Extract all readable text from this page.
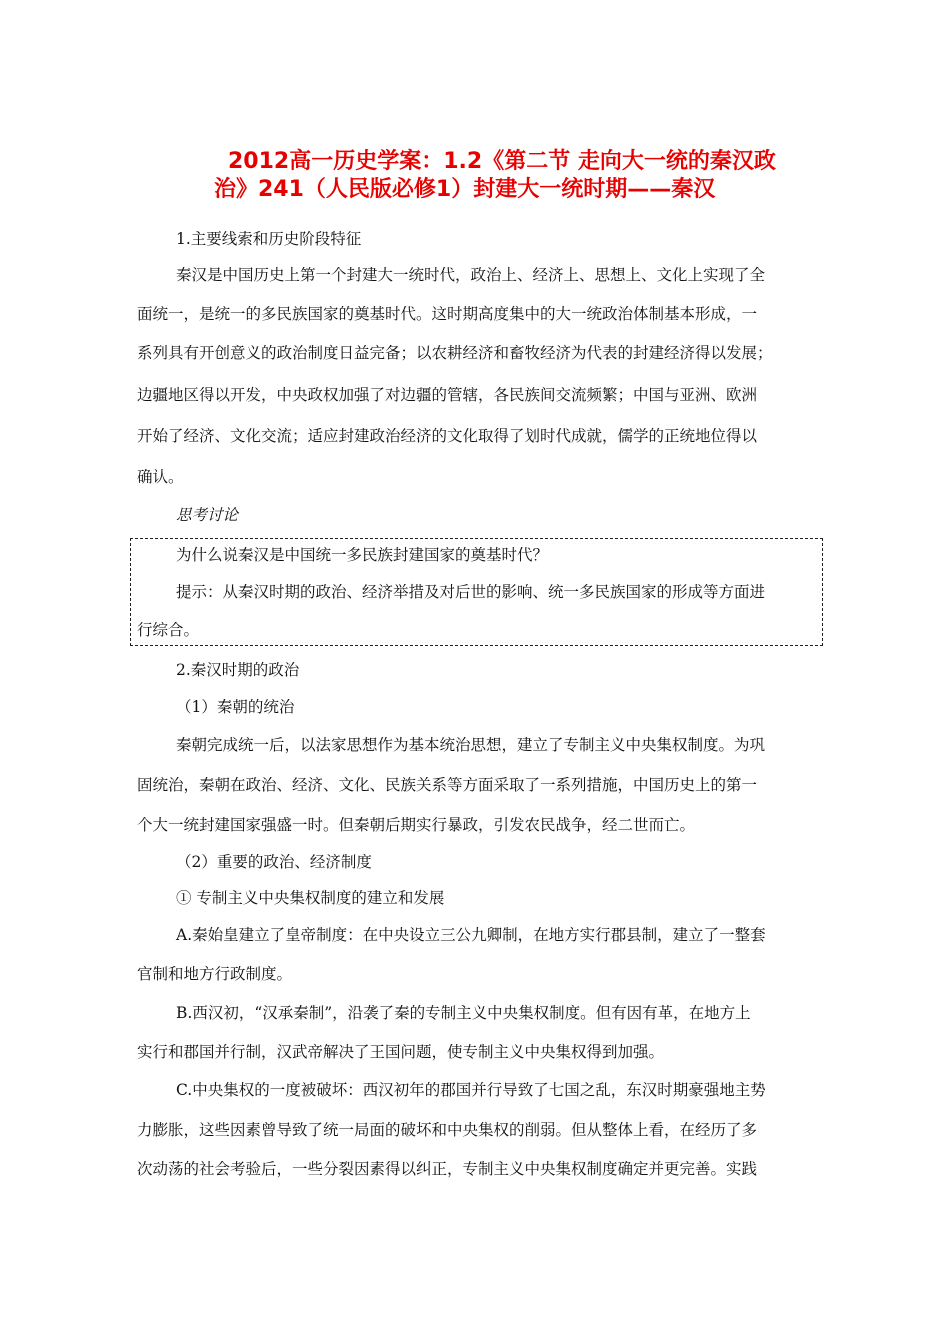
2012高一历史学案：1.2《第二节 走向大一统的秦汉政
治》241（人民版必修1）封建大一统时期——秦汉

1.主要线索和历史阶段特征

秦汉是中国历史上第一个封建大一统时代，政治上、经济上、思想上、文化上实现了全

面统一，是统一的多民族国家的奠基时代。这时期高度集中的大一统政治体制基本形成，一

系列具有开创意义的政治制度日益完备；以农耕经济和畜牧经济为代表的封建经济得以发展；

边疆地区得以开发，中央政权加强了对边疆的管辖，各民族间交流频繁；中国与亚洲、欧洲

开始了经济、文化交流；适应封建政治经济的文化取得了划时代成就，儒学的正统地位得以

确认。

思考讨论

为什么说秦汉是中国统一多民族封建国家的奠基时代？

提示：从秦汉时期的政治、经济举措及对后世的影响、统一多民族国家的形成等方面进

行综合。

2.秦汉时期的政治

（1）秦朝的统治

秦朝完成统一后，以法家思想作为基本统治思想，建立了专制主义中央集权制度。为巩

固统治，秦朝在政治、经济、文化、民族关系等方面采取了一系列措施，中国历史上的第一

个大一统封建国家强盛一时。但秦朝后期实行暴政，引发农民战争，经二世而亡。

（2）重要的政治、经济制度

① 专制主义中央集权制度的建立和发展

A.秦始皇建立了皇帝制度：在中央设立三公九卿制，在地方实行郡县制，建立了一整套

官制和地方行政制度。

B.西汉初，“汉承秦制”，沿袭了秦的专制主义中央集权制度。但有因有革，在地方上

实行和郡国并行制，汉武帝解决了王国问题，使专制主义中央集权得到加强。

C.中央集权的一度被破坏：西汉初年的郡国并行导致了七国之乱，东汉时期豪强地主势

力膨胀，这些因素曾导致了统一局面的破坏和中央集权的削弱。但从整体上看，在经历了多

次动荡的社会考验后，一些分裂因素得以纠正，专制主义中央集权制度确定并更完善。实践
